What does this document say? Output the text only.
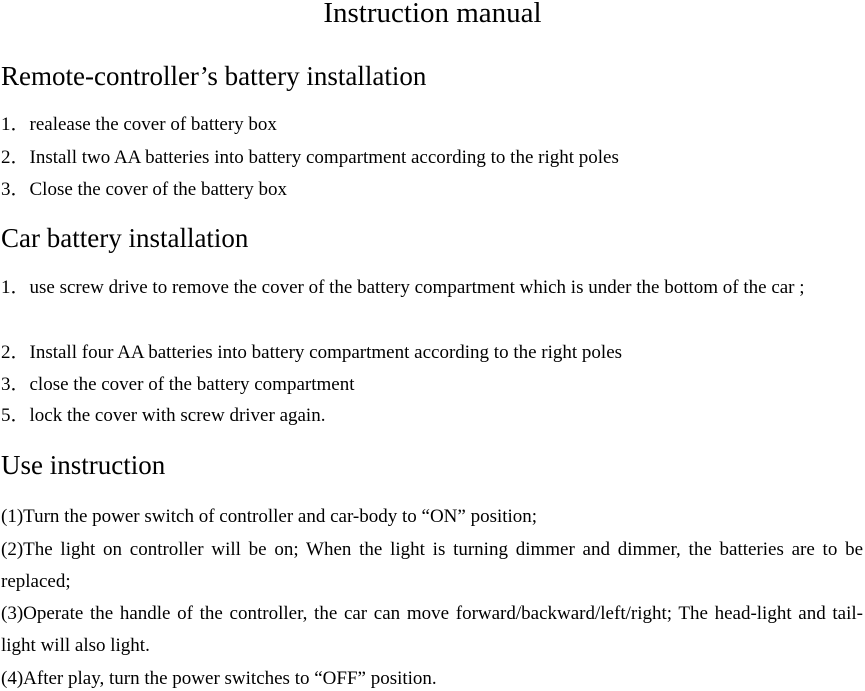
Instruction manual
Remote-controller’s battery installation
1．realease the cover of battery box
2．Install two AA batteries into battery compartment according to the right poles
3．Close the cover of the battery box
Car battery installation
1．use screw drive to remove the cover of the battery compartment which is under the bottom of the car ;
2．Install four AA batteries into battery compartment according to the right poles
3．close the cover of the battery compartment
5．lock the cover with screw driver again.
Use instruction
(1)Turn the power switch of controller and car-body to “ON” position;
(2)The light on controller will be on; When the light is turning dimmer and dimmer, the batteries are to be replaced;
(3)Operate the handle of the controller, the car can move forward/backward/left/right; The head-light and tail-light will also light.
(4)After play, turn the power switches to “OFF” position.
